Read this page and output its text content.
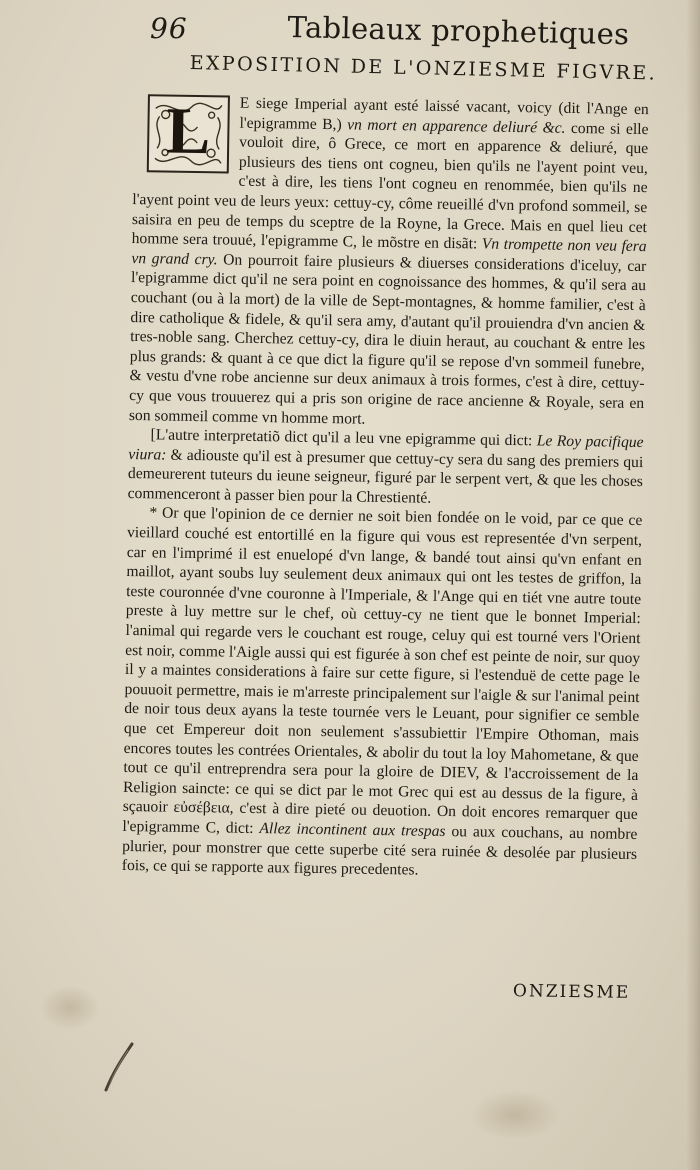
96	Tableaux prophetiques
EXPOSITION DE L'ONZIESME FIGVRE.
L	E siege Imperial ayant esté laissé vacant, voicy (dit l'Ange en l'epigramme B,) vn mort en apparence deliuré &c. come si elle vouloit dire, ô Grece, ce mort en apparence & deliuré, que plusieurs des tiens ont cogneu, bien qu'ils ne l'ayent point veu, c'est à dire, les tiens l'ont cogneu en renommée, bien qu'ils ne l'ayent point veu de leurs yeux: cettuy-cy, côme reueillé d'vn profond sommeil, se saisira en peu de temps du sceptre de la Royne, la Grece. Mais en quel lieu cet homme sera trouué, l'epigramme C, le mõstre en disãt: Vn trompette non veu fera vn grand cry. On pourroit faire plusieurs & diuerses considerations d'iceluy, car l'epigramme dict qu'il ne sera point en cognoissance des hommes, & qu'il sera au couchant (ou à la mort) de la ville de Sept-montagnes, & homme familier, c'est à dire catholique & fidele, & qu'il sera amy, d'autant qu'il prouiendra d'vn ancien & tres-noble sang. Cherchez cettuy-cy, dira le diuin heraut, au couchant & entre les plus grands: & quant à ce que dict la figure qu'il se repose d'vn sommeil funebre, & vestu d'vne robe ancienne sur deux animaux à trois formes, c'est à dire, cettuy-cy que vous trouuerez qui a pris son origine de race ancienne & Royale, sera en son sommeil comme vn homme mort.

[L'autre interpretatiõ dict qu'il a leu vne epigramme qui dict: Le Roy pacifique viura: & adiouste qu'il est à presumer que cettuy-cy sera du sang des premiers qui demeurerent tuteurs du ieune seigneur, figuré par le serpent vert, & que les choses commenceront à passer bien pour la Chrestienté.

* Or que l'opinion de ce dernier ne soit bien fondée on le void, par ce que ce vieillard couché est entortillé en la figure qui vous est representée d'vn serpent, car en l'imprimé il est enuelopé d'vn lange, & bandé tout ainsi qu'vn enfant en maillot, ayant soubs luy seulement deux animaux qui ont les testes de griffon, la teste couronnée d'vne couronne à l'Imperiale, & l'Ange qui en tiét vne autre toute preste à luy mettre sur le chef, où cettuy-cy ne tient que le bonnet Imperial: l'animal qui regarde vers le couchant est rouge, celuy qui est tourné vers l'Orient est noir, comme l'Aigle aussi qui est figurée à son chef est peinte de noir, sur quoy il y a maintes considerations à faire sur cette figure, si l'estenduë de cette page le pouuoit permettre, mais ie m'arreste principalement sur l'aigle & sur l'animal peint de noir tous deux ayans la teste tournée vers le Leuant, pour signifier ce semble que cet Empereur doit non seulement s'assubiettir l'Empire Othoman, mais encores toutes les contrées Orientales, & abolir du tout la loy Mahometane, & que tout ce qu'il entreprendra sera pour la gloire de DIEV, & l'accroissement de la Religion saincte: ce qui se dict par le mot Grec qui est au dessus de la figure, à sçauoir εὐσέβεια, c'est à dire pieté ou deuotion. On doit encores remarquer que l'epigramme C, dict: Allez incontinent aux trespas ou aux couchans, au nombre plurier, pour monstrer que cette superbe cité sera ruinée & desolée par plusieurs fois, ce qui se rapporte aux figures precedentes.

ONZIESME
